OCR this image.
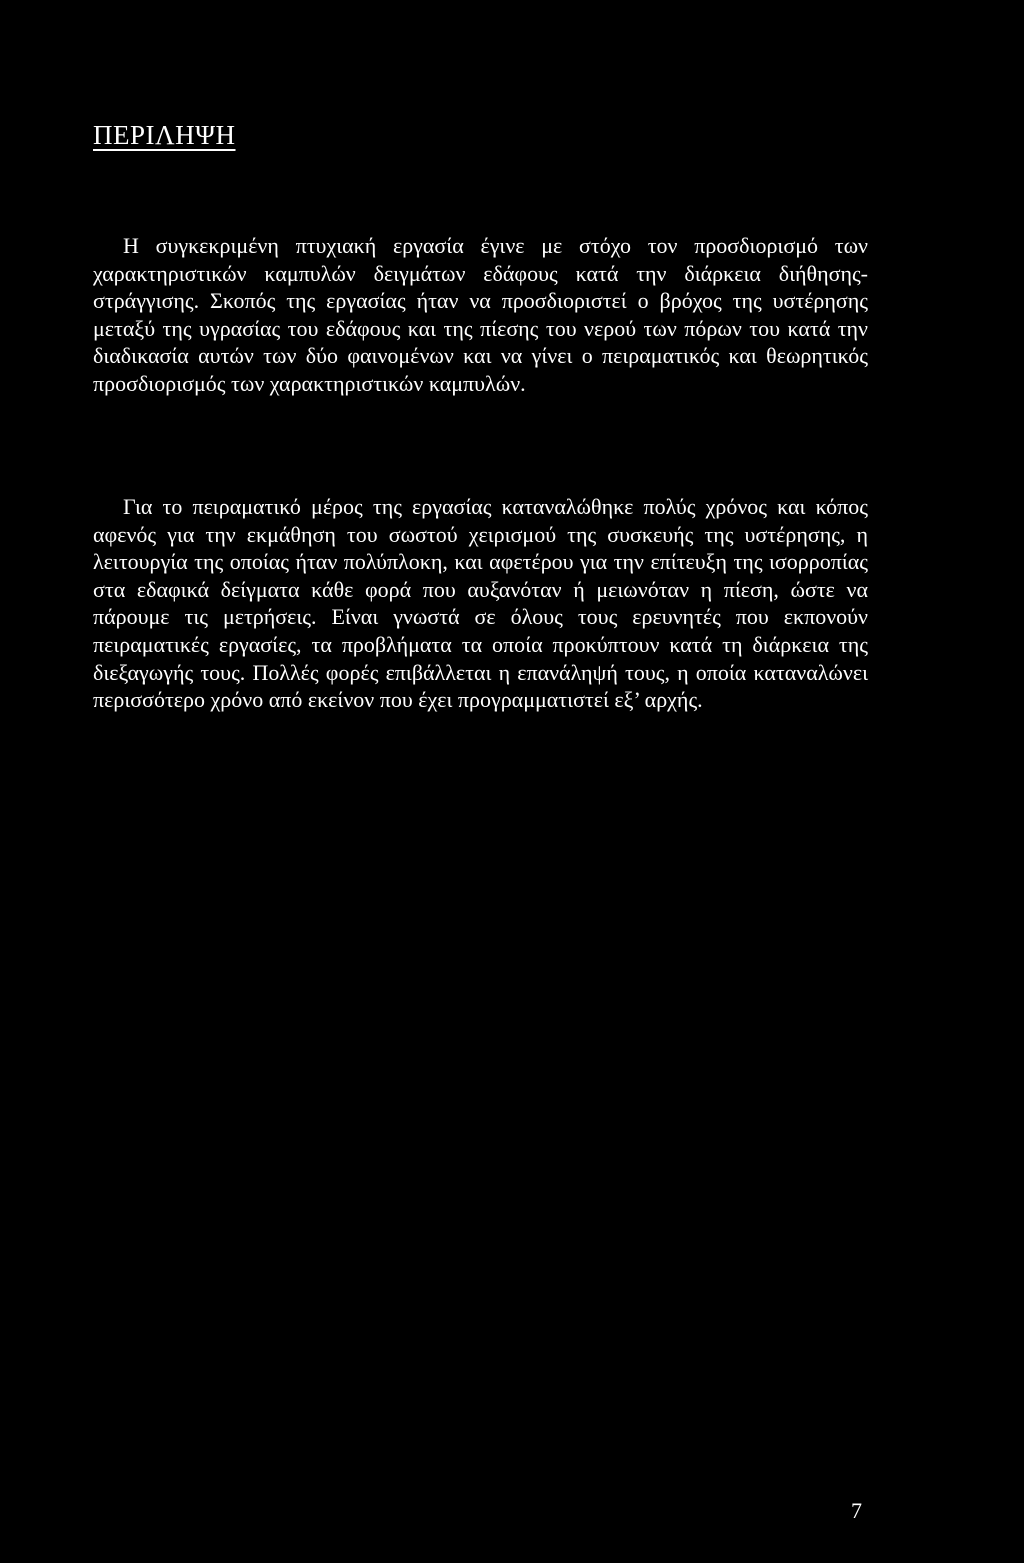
ΠΕΡΙΛΗΨΗ

Η συγκεκριμένη πτυχιακή εργασία έγινε με στόχο τον προσδιορισμό των χαρακτηριστικών καμπυλών δειγμάτων εδάφους κατά την διάρκεια διήθησης-στράγγισης. Σκοπός της εργασίας ήταν να προσδιοριστεί ο βρόχος της υστέρησης μεταξύ της υγρασίας του εδάφους και της πίεσης του νερού των πόρων του κατά την διαδικασία αυτών των δύο φαινομένων και να γίνει ο πειραματικός και θεωρητικός προσδιορισμός των χαρακτηριστικών καμπυλών.

Για το πειραματικό μέρος της εργασίας καταναλώθηκε πολύς χρόνος και κόπος αφενός για την εκμάθηση του σωστού χειρισμού της συσκευής της υστέρησης, η λειτουργία της οποίας ήταν πολύπλοκη, και αφετέρου για την επίτευξη της ισορροπίας στα εδαφικά δείγματα κάθε φορά που αυξανόταν ή μειωνόταν η πίεση, ώστε να πάρουμε τις μετρήσεις. Είναι γνωστά σε όλους τους ερευνητές που εκπονούν πειραματικές εργασίες, τα προβλήματα τα οποία προκύπτουν κατά τη διάρκεια της διεξαγωγής τους. Πολλές φορές επιβάλλεται η επανάληψή τους, η οποία καταναλώνει περισσότερο χρόνο από εκείνον που έχει προγραμματιστεί εξ’ αρχής.

7
